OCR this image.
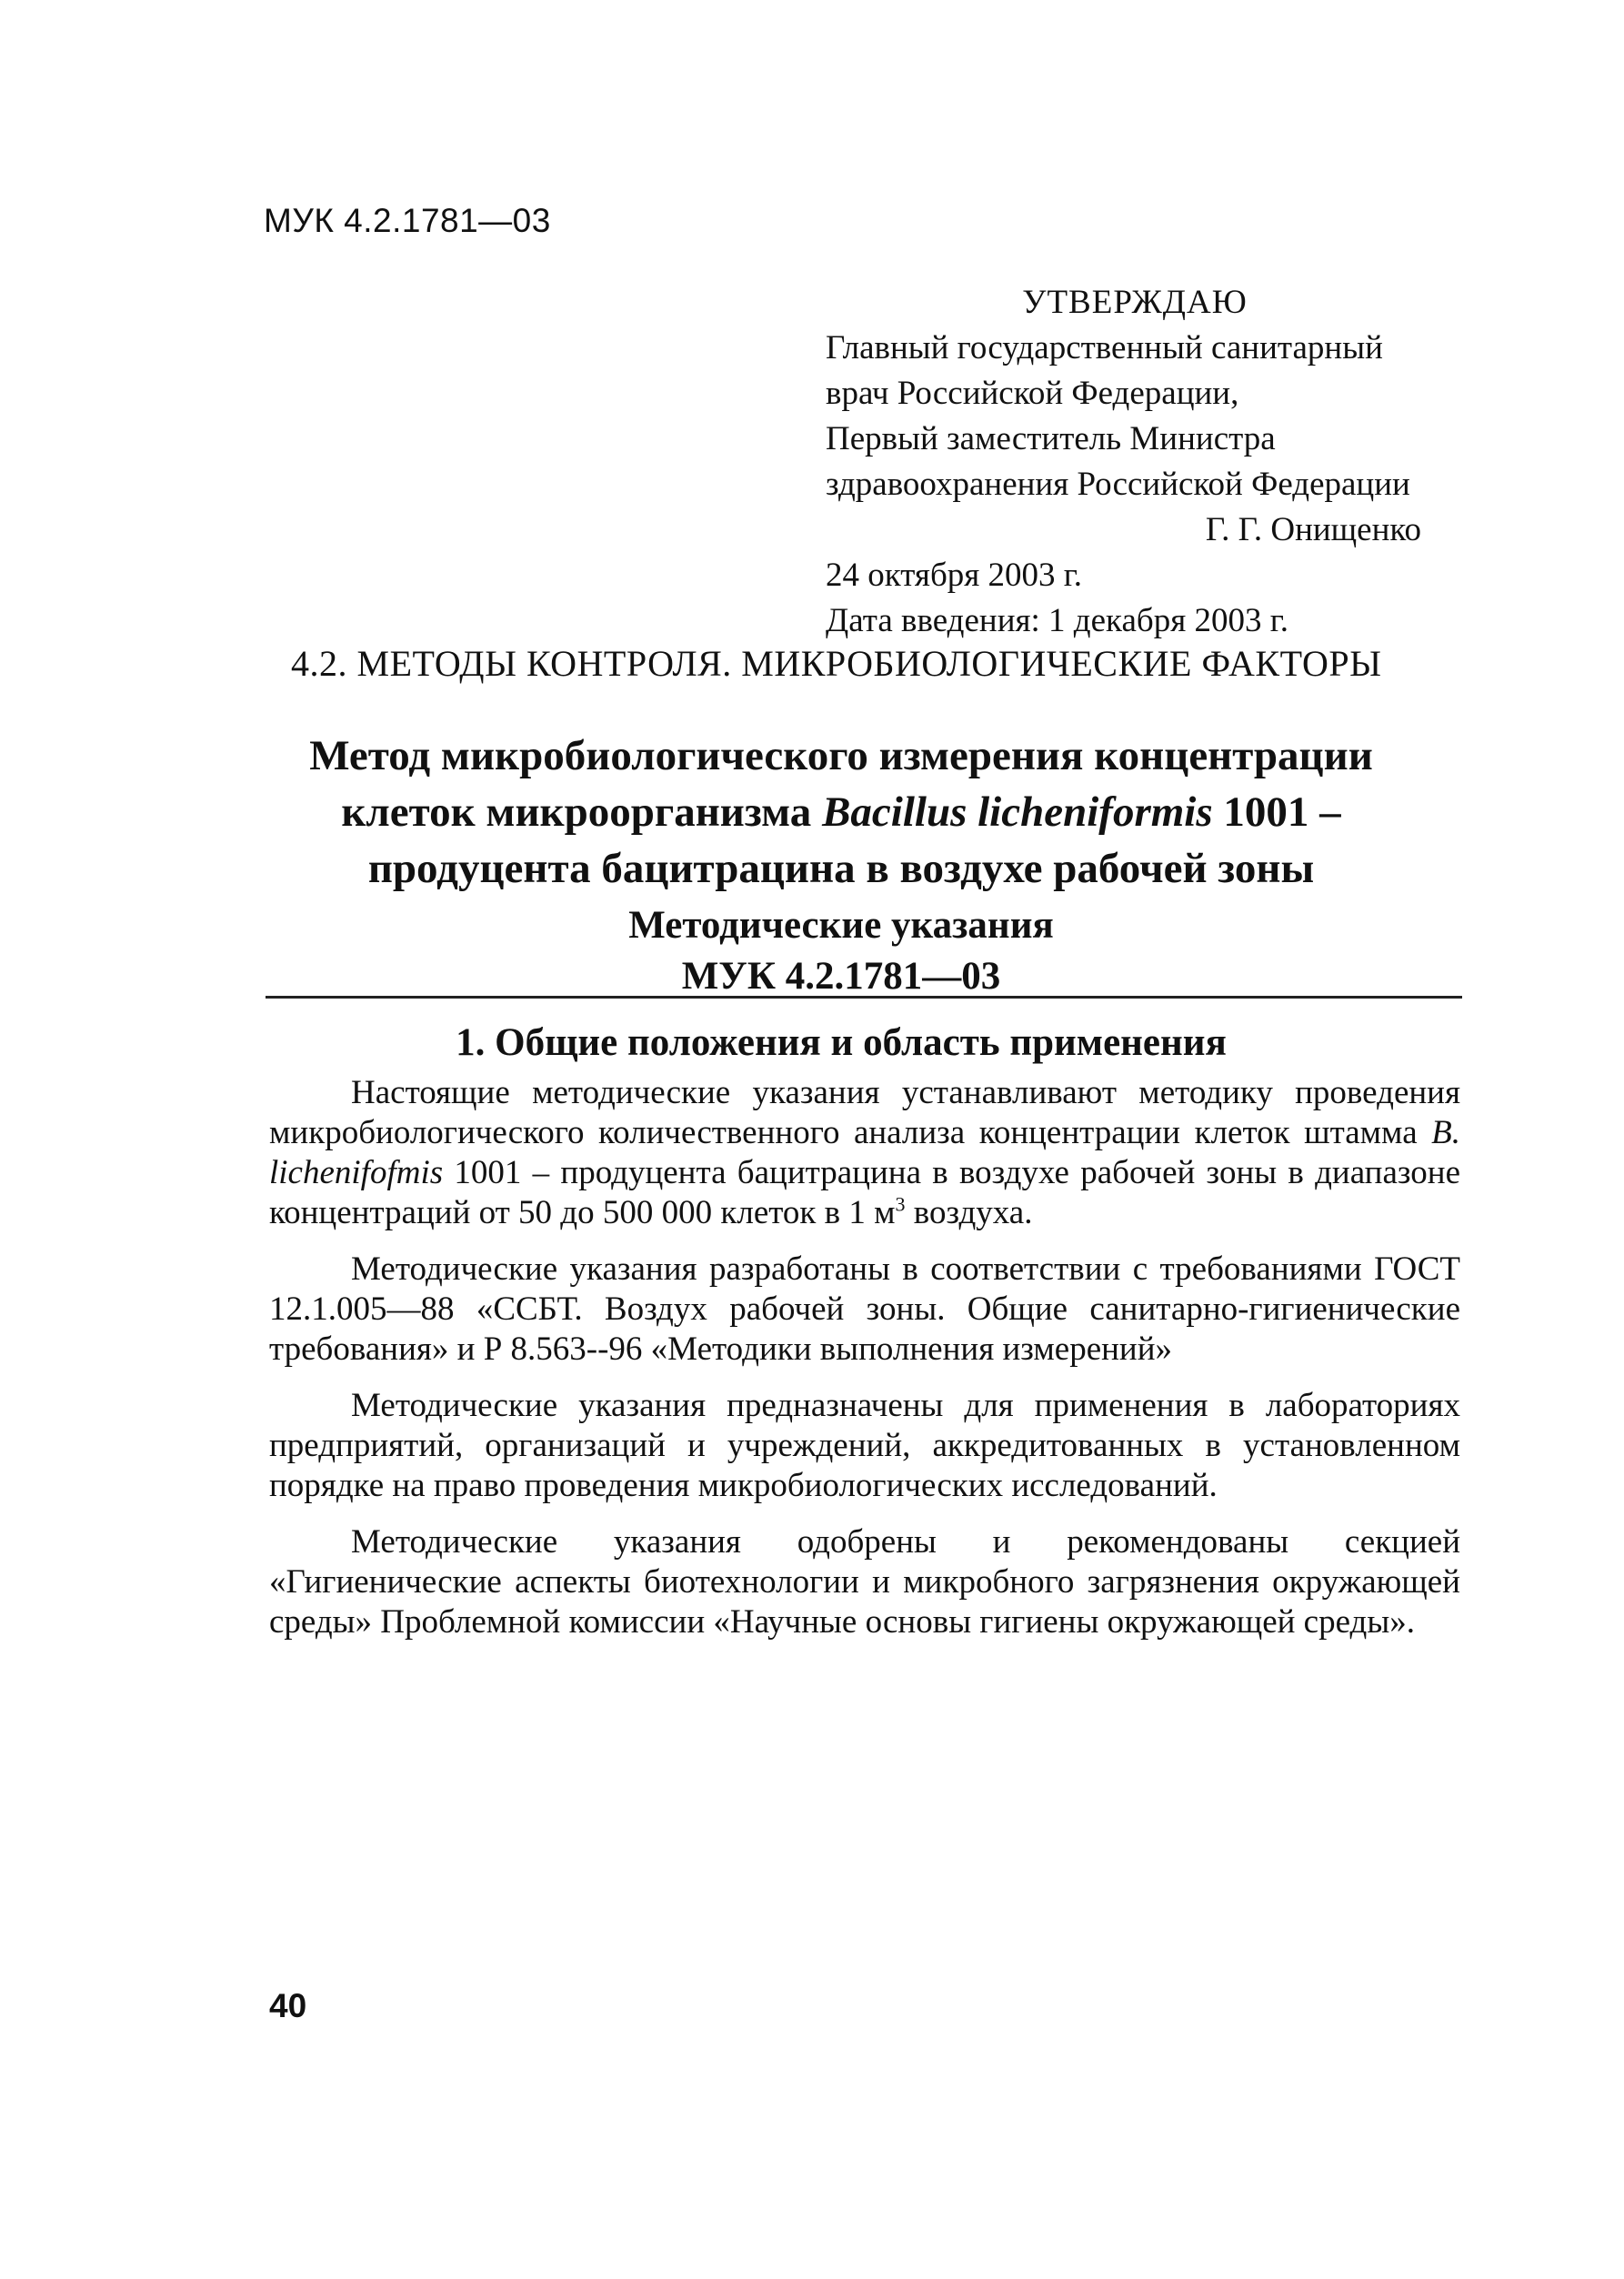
МУК 4.2.1781—03
УТВЕРЖДАЮ
Главный государственный санитарный
врач Российской Федерации,
Первый заместитель Министра
здравоохранения Российской Федерации
Г. Г. Онищенко
24 октября 2003 г.
Дата введения: 1 декабря 2003 г.
4.2. МЕТОДЫ КОНТРОЛЯ. МИКРОБИОЛОГИЧЕСКИЕ ФАКТОРЫ
Метод микробиологического измерения концентрации
клеток микроорганизма Bacillus licheniformis 1001 –
продуцента бацитрацина в воздухе рабочей зоны
Методические указания
МУК 4.2.1781—03
1. Общие положения и область применения

Настоящие методические указания устанавливают методику проведения микробиологического количественного анализа концентрации клеток штамма B. lichenifofmis 1001 – продуцента бацитрацина в воздухе рабочей зоны в диапазоне концентраций от 50 до 500 000 клеток в 1 $м^3$ воздуха.

Методические указания разработаны в соответствии с требованиями ГОСТ 12.1.005—88 «ССБТ. Воздух рабочей зоны. Общие санитарно-гигиенические требования» и Р 8.563--96 «Методики выполнения измерений»

Методические указания предназначены для применения в лабораториях предприятий, организаций и учреждений, аккредитованных в установленном порядке на право проведения микробиологических исследований.

Методические указания одобрены и рекомендованы секцией «Гигиенические аспекты биотехнологии и микробного загрязнения окружающей среды» Проблемной комиссии «Научные основы гигиены окружающей среды».

40
